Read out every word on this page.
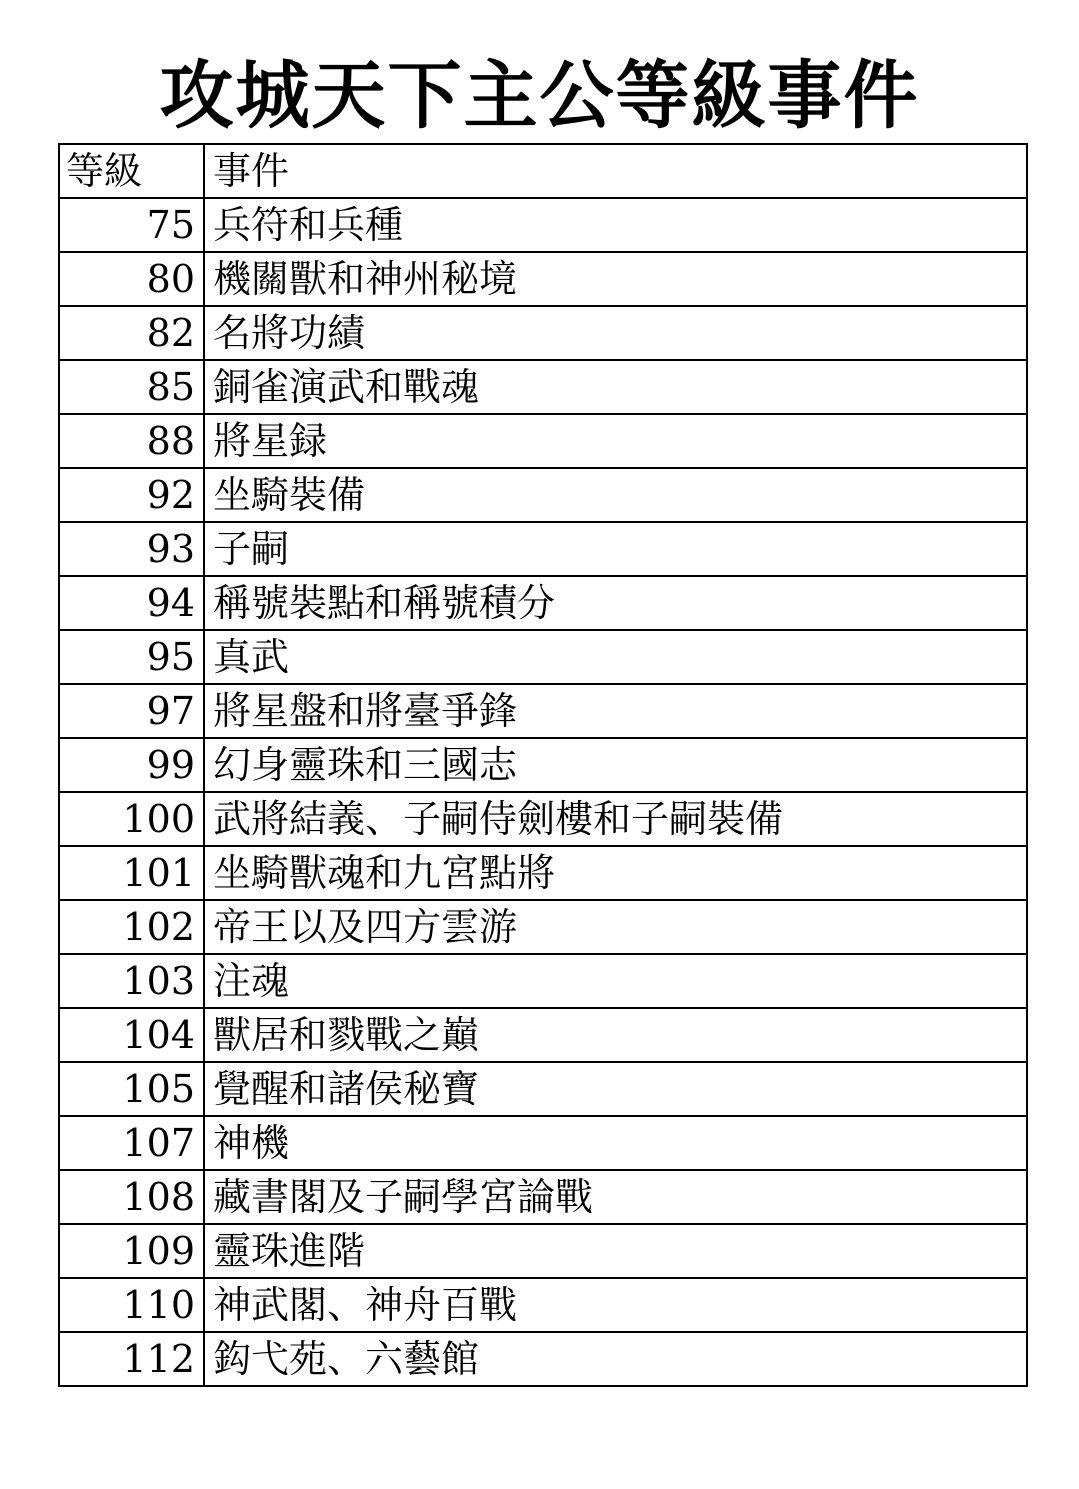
攻城天下主公等級事件
等級	事件
75	兵符和兵種
80	機關獸和神州秘境
82	名將功績
85	銅雀演武和戰魂
88	將星録
92	坐騎裝備
93	子嗣
94	稱號裝點和稱號積分
95	真武
97	將星盤和將臺爭鋒
99	幻身靈珠和三國志
100	武將結義、子嗣侍劍樓和子嗣裝備
101	坐騎獸魂和九宮點將
102	帝王以及四方雲游
103	注魂
104	獸居和戮戰之巔
105	覺醒和諸侯秘寶
107	神機
108	藏書閣及子嗣學宮論戰
109	靈珠進階
110	神武閣、神舟百戰
112	鈎弋苑、六藝館
